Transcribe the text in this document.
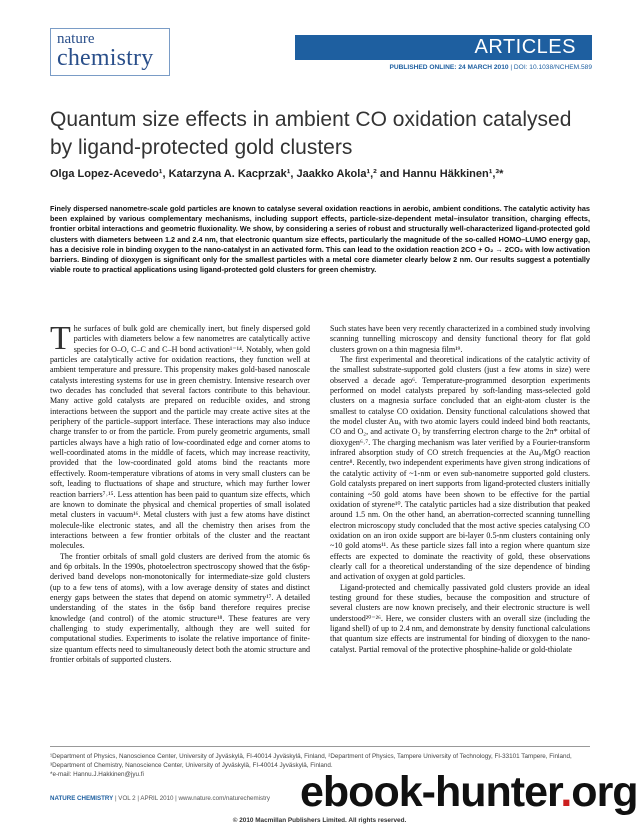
nature
chemistry	ARTICLES
PUBLISHED ONLINE: 24 MARCH 2010 | DOI: 10.1038/NCHEM.589
Quantum size effects in ambient CO oxidation catalysed by ligand-protected gold clusters
Olga Lopez-Acevedo¹, Katarzyna A. Kacprzak¹, Jaakko Akola¹,² and Hannu Häkkinen¹,³*
Finely dispersed nanometre-scale gold particles are known to catalyse several oxidation reactions in aerobic, ambient conditions. The catalytic activity has been explained by various complementary mechanisms, including support effects, particle-size-dependent metal–insulator transition, charging effects, frontier orbital interactions and geometric fluxionality. We show, by considering a series of robust and structurally well-characterized ligand-protected gold clusters with diameters between 1.2 and 2.4 nm, that electronic quantum size effects, particularly the magnitude of the so-called HOMO–LUMO energy gap, has a decisive role in binding oxygen to the nano-catalyst in an activated form. This can lead to the oxidation reaction 2CO + O₂ → 2CO₂ with low activation barriers. Binding of dioxygen is significant only for the smallest particles with a metal core diameter clearly below 2 nm. Our results suggest a potentially viable route to practical applications using ligand-protected gold clusters for green chemistry.

The surfaces of bulk gold are chemically inert, but finely dispersed gold particles with diameters below a few nanometres are catalytically active species for O–O, C–C and C–H bond activation¹⁻¹⁴. Notably, when gold particles are catalytically active for oxidation reactions, they function well at ambient temperature and pressure. This propensity makes gold-based nanoscale catalysts interesting systems for use in green chemistry. Intensive research over two decades has concluded that several factors contribute to this behaviour. Many active gold catalysts are prepared on reducible oxides, and strong interactions between the support and the particle may create active sites at the periphery of the particle–support interface. These interactions may also induce charge transfer to or from the particle. From purely geometric arguments, small particles always have a high ratio of low-coordinated edge and corner atoms to well-coordinated atoms in the middle of facets, which may increase reactivity, provided that the low-coordinated gold atoms bind the reactants more effectively. Room-temperature vibrations of atoms in very small clusters can be soft, leading to fluctuations of shape and structure, which may further lower reaction barriers⁷˒¹⁵. Less attention has been paid to quantum size effects, which are known to dominate the physical and chemical properties of small isolated metal clusters in vacuum¹⁶. Metal clusters with just a few atoms have distinct molecule-like electronic states, and all the chemistry then arises from the interactions between a few frontier orbitals of the cluster and the reactant molecules.

The frontier orbitals of small gold clusters are derived from the atomic 6s and 6p orbitals. In the 1990s, photoelectron spectroscopy showed that the 6s6p-derived band develops non-monotonically for intermediate-size gold clusters (up to a few tens of atoms), with a low average density of states and distinct energy gaps between the states that depend on atomic symmetry¹⁷. A detailed understanding of the states in the 6s6p band therefore requires precise knowledge (and control) of the atomic structure¹⁸. These features are very challenging to study experimentally, although they are well suited for computational studies. Experiments to isolate the relative importance of finite-size quantum effects need to simultaneously detect both the atomic structure and frontier orbitals of supported clusters.

Such states have been very recently characterized in a combined study involving scanning tunnelling microscopy and density functional theory for flat gold clusters grown on a thin magnesia film¹⁹.

The first experimental and theoretical indications of the catalytic activity of the smallest substrate-supported gold clusters (just a few atoms in size) were observed a decade ago⁶. Temperature-programmed desorption experiments performed on model catalysts prepared by soft-landing mass-selected gold clusters on a magnesia surface concluded that an eight-atom cluster is the smallest to catalyse CO oxidation. Density functional calculations showed that the model cluster Au₈ with two atomic layers could indeed bind both reactants, CO and O₂, and activate O₂ by transferring electron charge to the 2π* orbital of dioxygen⁶˒⁷. The charging mechanism was later verified by a Fourier-transform infrared absorption study of CO stretch frequencies at the Au₈/MgO reaction centre⁸. Recently, two independent experiments have given strong indications of the catalytic activity of ~1-nm or even sub-nanometre supported gold clusters. Gold catalysts prepared on inert supports from ligand-protected clusters initially containing ~50 gold atoms have been shown to be effective for the partial oxidation of styrene¹⁰. The catalytic particles had a size distribution that peaked around 1.5 nm. On the other hand, an aberration-corrected scanning tunnelling electron microscopy study concluded that the most active species catalysing CO oxidation on an iron oxide support are bi-layer 0.5-nm clusters containing only ~10 gold atoms¹¹. As these particle sizes fall into a region where quantum size effects are expected to dominate the reactivity of gold, these observations clearly call for a theoretical understanding of the size dependence of binding and activation of oxygen at gold particles.

Ligand-protected and chemically passivated gold clusters provide an ideal testing ground for these studies, because the composition and structure of several clusters are now known precisely, and their electronic structure is well understood²⁰⁻²⁶. Here, we consider clusters with an overall size (including the ligand shell) of up to 2.4 nm, and demonstrate by density functional calculations that quantum size effects are instrumental for binding of dioxygen to the nano-catalyst. Partial removal of the protective phosphine-halide or gold-thiolate

¹Department of Physics, Nanoscience Center, University of Jyväskylä, FI-40014 Jyväskylä, Finland, ²Department of Physics, Tampere University of Technology, FI-33101 Tampere, Finland, ³Department of Chemistry, Nanoscience Center, University of Jyväskylä, FI-40014 Jyväskylä, Finland.

*e-mail: Hannu.J.Hakkinen@jyu.fi

NATURE CHEMISTRY | VOL 2 | APRIL 2010 | www.nature.com/naturechemistry ebook-hunter.org
© 2010 Macmillan Publishers Limited. All rights reserved.
